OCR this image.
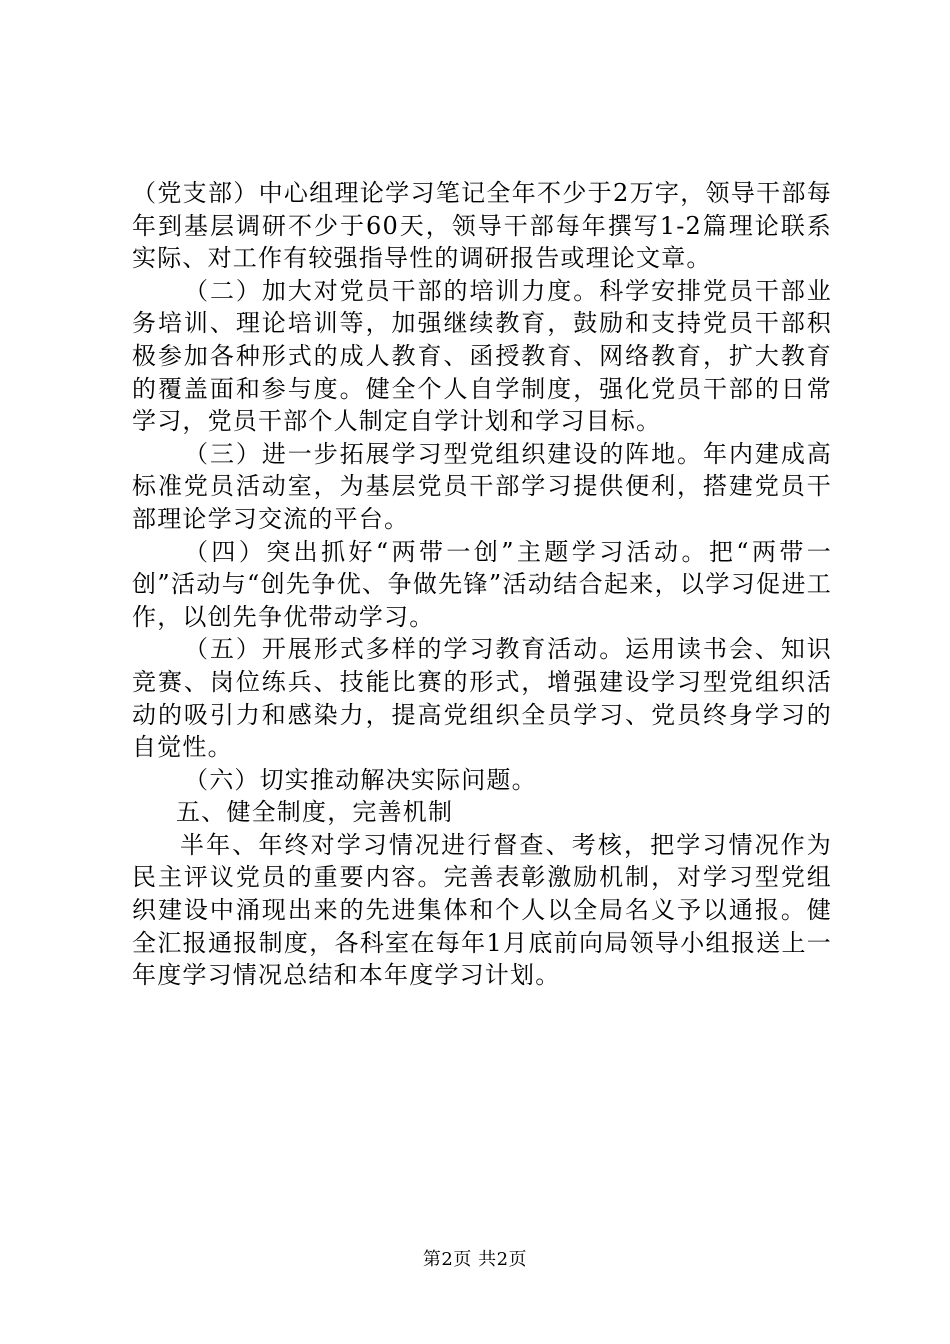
（党支部）中心组理论学习笔记全年不少于2万字，领导干部每年到基层调研不少于60天，领导干部每年撰写1-2篇理论联系实际、对工作有较强指导性的调研报告或理论文章。

（二）加大对党员干部的培训力度。科学安排党员干部业务培训、理论培训等，加强继续教育，鼓励和支持党员干部积极参加各种形式的成人教育、函授教育、网络教育，扩大教育的覆盖面和参与度。健全个人自学制度，强化党员干部的日常学习，党员干部个人制定自学计划和学习目标。

（三）进一步拓展学习型党组织建设的阵地。年内建成高标准党员活动室，为基层党员干部学习提供便利，搭建党员干部理论学习交流的平台。

（四）突出抓好“两带一创”主题学习活动。把“两带一创”活动与“创先争优、争做先锋”活动结合起来，以学习促进工作，以创先争优带动学习。

（五）开展形式多样的学习教育活动。运用读书会、知识竞赛、岗位练兵、技能比赛的形式，增强建设学习型党组织活动的吸引力和感染力，提高党组织全员学习、党员终身学习的自觉性。

（六）切实推动解决实际问题。

五、健全制度，完善机制

半年、年终对学习情况进行督查、考核，把学习情况作为民主评议党员的重要内容。完善表彰激励机制，对学习型党组织建设中涌现出来的先进集体和个人以全局名义予以通报。健全汇报通报制度，各科室在每年1月底前向局领导小组报送上一年度学习情况总结和本年度学习计划。

第2页 共2页
